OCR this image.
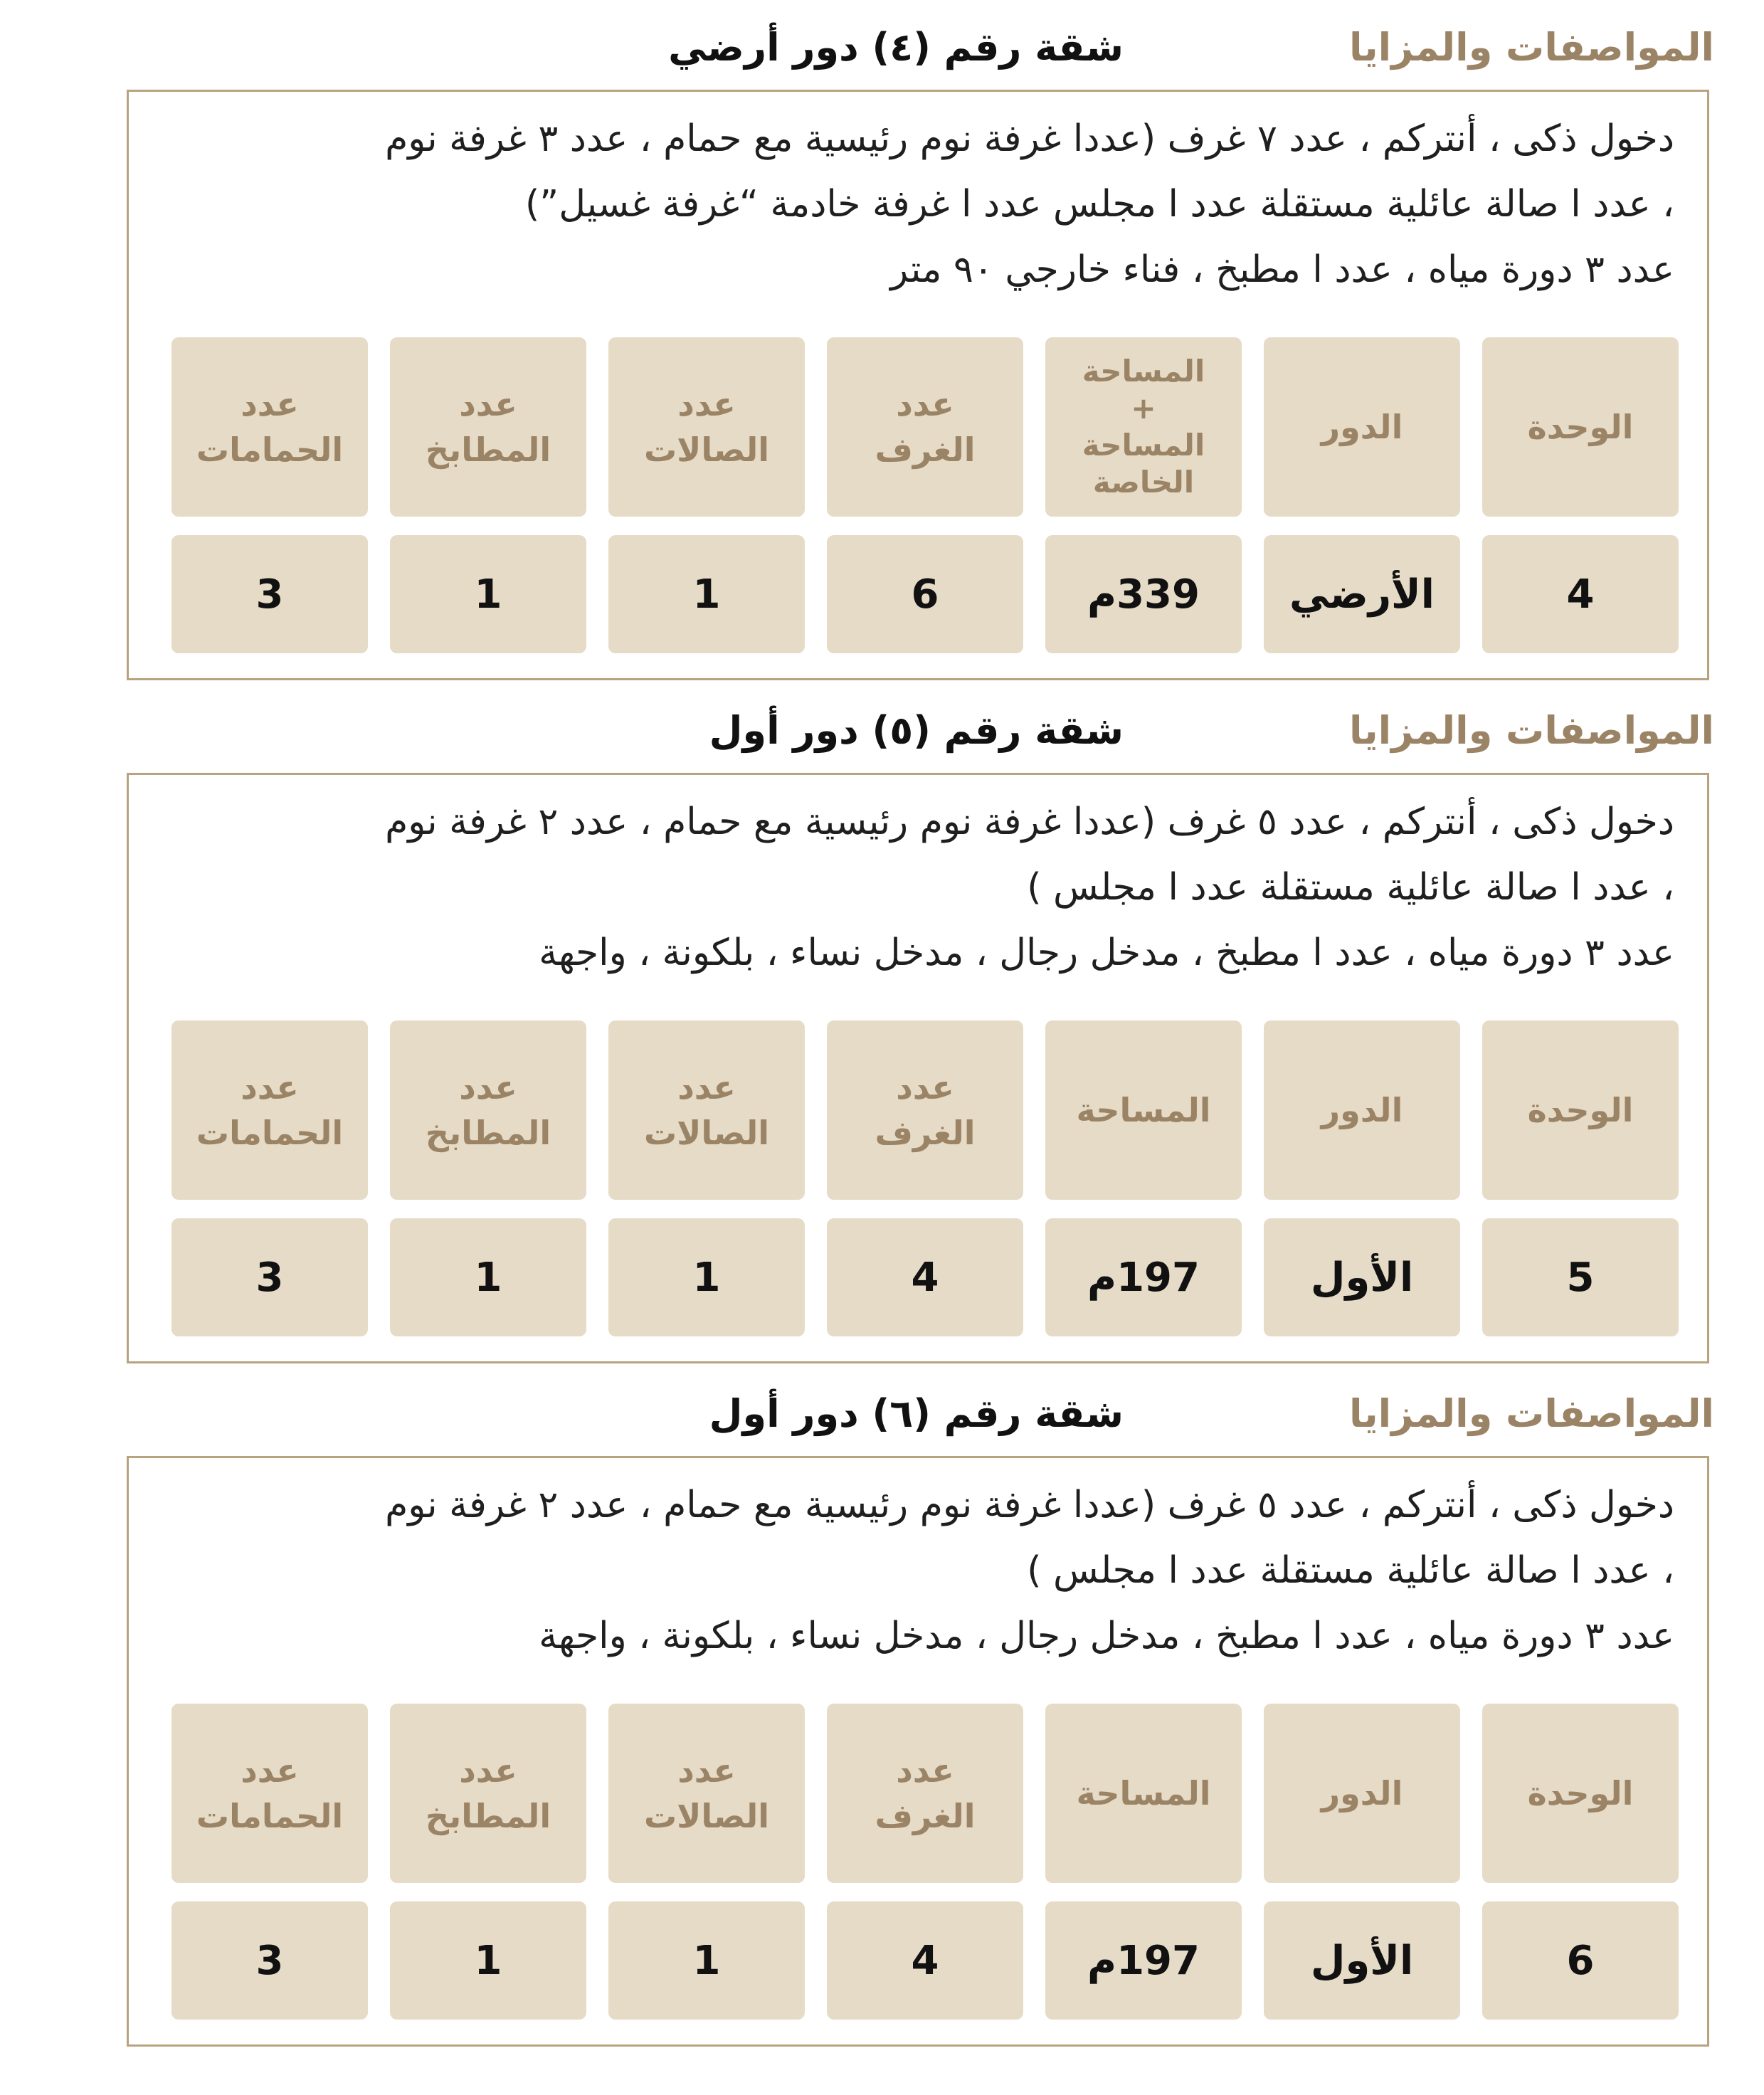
المواصفات والمزايا
شقة رقم (٤) دور أرضي
دخول ذكى ، أنتركم ، عدد ٧ غرف (عددا غرفة نوم رئيسية مع حمام ، عدد ٣ غرفة نوم
، عدد ا صالة عائلية مستقلة عدد ا مجلس عدد ا غرفة خادمة “غرفة غسيل”)
عدد ٣ دورة مياه ، عدد ا مطبخ ، فناء خارجي ٩٠ متر
الوحدة
الدور
المساحة
+
المساحة
الخاصة
عدد
الغرف
عدد
الصالات
عدد
المطابخ
عدد
الحمامات
4
الأرضي
339م
6
1
1
3
المواصفات والمزايا
شقة رقم (٥) دور أول
دخول ذكى ، أنتركم ، عدد ٥ غرف (عددا غرفة نوم رئيسية مع حمام ، عدد ٢ غرفة نوم
، عدد ا صالة عائلية مستقلة عدد ا مجلس )
عدد ٣ دورة مياه ، عدد ا مطبخ ، مدخل رجال ، مدخل نساء ، بلكونة ، واجهة
الوحدة
الدور
المساحة
عدد
الغرف
عدد
الصالات
عدد
المطابخ
عدد
الحمامات
5
الأول
197م
4
1
1
3
المواصفات والمزايا
شقة رقم (٦) دور أول
دخول ذكى ، أنتركم ، عدد ٥ غرف (عددا غرفة نوم رئيسية مع حمام ، عدد ٢ غرفة نوم
، عدد ا صالة عائلية مستقلة عدد ا مجلس )
عدد ٣ دورة مياه ، عدد ا مطبخ ، مدخل رجال ، مدخل نساء ، بلكونة ، واجهة
الوحدة
الدور
المساحة
عدد
الغرف
عدد
الصالات
عدد
المطابخ
عدد
الحمامات
6
الأول
197م
4
1
1
3
